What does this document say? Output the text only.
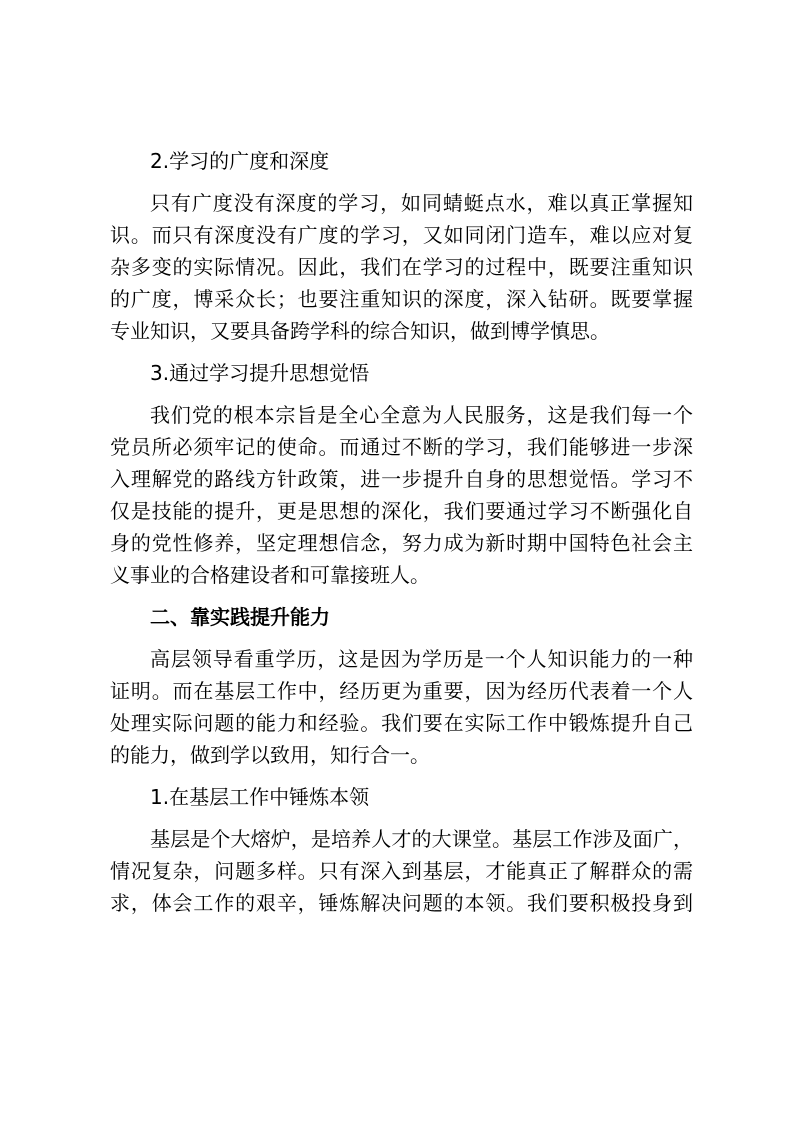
2.学习的广度和深度
只有广度没有深度的学习，如同蜻蜓点水，难以真正掌握知
识。而只有深度没有广度的学习，又如同闭门造车，难以应对复
杂多变的实际情况。因此，我们在学习的过程中，既要注重知识
的广度，博采众长；也要注重知识的深度，深入钻研。既要掌握
专业知识，又要具备跨学科的综合知识，做到博学慎思。
3.通过学习提升思想觉悟
我们党的根本宗旨是全心全意为人民服务，这是我们每一个
党员所必须牢记的使命。而通过不断的学习，我们能够进一步深
入理解党的路线方针政策，进一步提升自身的思想觉悟。学习不
仅是技能的提升，更是思想的深化，我们要通过学习不断强化自
身的党性修养，坚定理想信念，努力成为新时期中国特色社会主
义事业的合格建设者和可靠接班人。
二、靠实践提升能力
高层领导看重学历，这是因为学历是一个人知识能力的一种
证明。而在基层工作中，经历更为重要，因为经历代表着一个人
处理实际问题的能力和经验。我们要在实际工作中锻炼提升自己
的能力，做到学以致用，知行合一。
1.在基层工作中锤炼本领
基层是个大熔炉，是培养人才的大课堂。基层工作涉及面广，
情况复杂，问题多样。只有深入到基层，才能真正了解群众的需
求，体会工作的艰辛，锤炼解决问题的本领。我们要积极投身到
